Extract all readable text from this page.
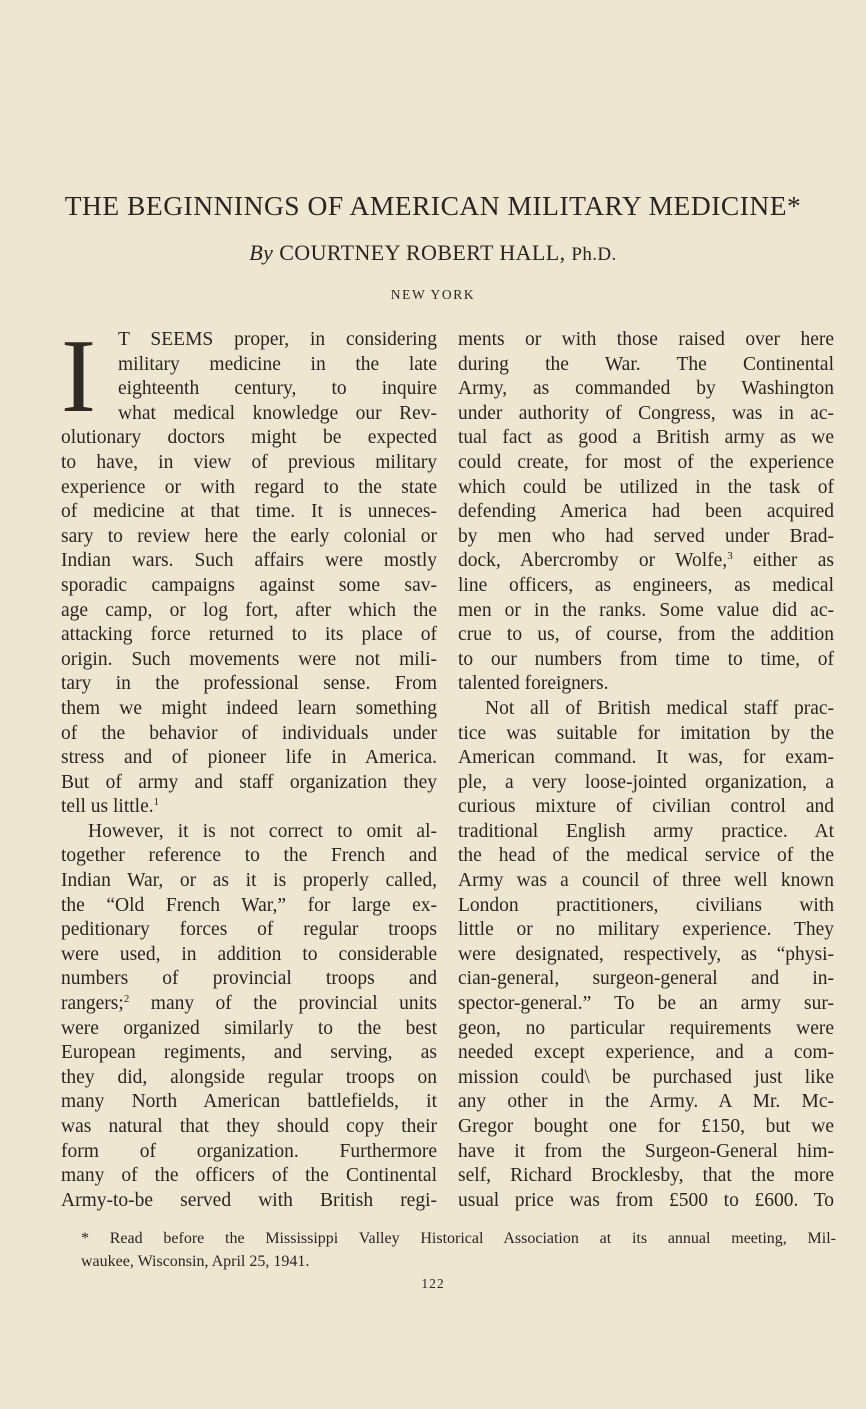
THE BEGINNINGS OF AMERICAN MILITARY MEDICINE*
By COURTNEY ROBERT HALL, Ph.D.
NEW YORK
I	T SEEMS proper, in considering
military medicine in the late
eighteenth century, to inquire
what medical knowledge our Rev-
olutionary doctors might be expected
to have, in view of previous military
experience or with regard to the state
of medicine at that time. It is unneces-
sary to review here the early colonial or
Indian wars. Such affairs were mostly
sporadic campaigns against some sav-
age camp, or log fort, after which the
attacking force returned to its place of
origin. Such movements were not mili-
tary in the professional sense. From
them we might indeed learn something
of the behavior of individuals under
stress and of pioneer life in America.
But of army and staff organization they
tell us little.$^1$
However, it is not correct to omit al-
together reference to the French and
Indian War, or as it is properly called,
the “Old French War,” for large ex-
peditionary forces of regular troops
were used, in addition to considerable
numbers of provincial troops and
rangers;$^2$ many of the provincial units
were organized similarly to the best
European regiments, and serving, as
they did, alongside regular troops on
many North American battlefields, it
was natural that they should copy their
form of organization. Furthermore
many of the officers of the Continental
Army-to-be served with British regi-
ments or with those raised over here
during the War. The Continental
Army, as commanded by Washington
under authority of Congress, was in ac-
tual fact as good a British army as we
could create, for most of the experience
which could be utilized in the task of
defending America had been acquired
by men who had served under Brad-
dock, Abercromby or Wolfe,$^3$ either as
line officers, as engineers, as medical
men or in the ranks. Some value did ac-
crue to us, of course, from the addition
to our numbers from time to time, of
talented foreigners.
Not all of British medical staff prac-
tice was suitable for imitation by the
American command. It was, for exam-
ple, a very loose-jointed organization, a
curious mixture of civilian control and
traditional English army practice. At
the head of the medical service of the
Army was a council of three well known
London practitioners, civilians with
little or no military experience. They
were designated, respectively, as “physi-
cian-general, surgeon-general and in-
spector-general.” To be an army sur-
geon, no particular requirements were
needed except experience, and a com-
mission could\ be purchased just like
any other in the Army. A Mr. Mc-
Gregor bought one for £150, but we
have it from the Surgeon-General him-
self, Richard Brocklesby, that the more
usual price was from £500 to £600. To
* Read before the Mississippi Valley Historical Association at its annual meeting, Mil-
waukee, Wisconsin, April 25, 1941.
122
